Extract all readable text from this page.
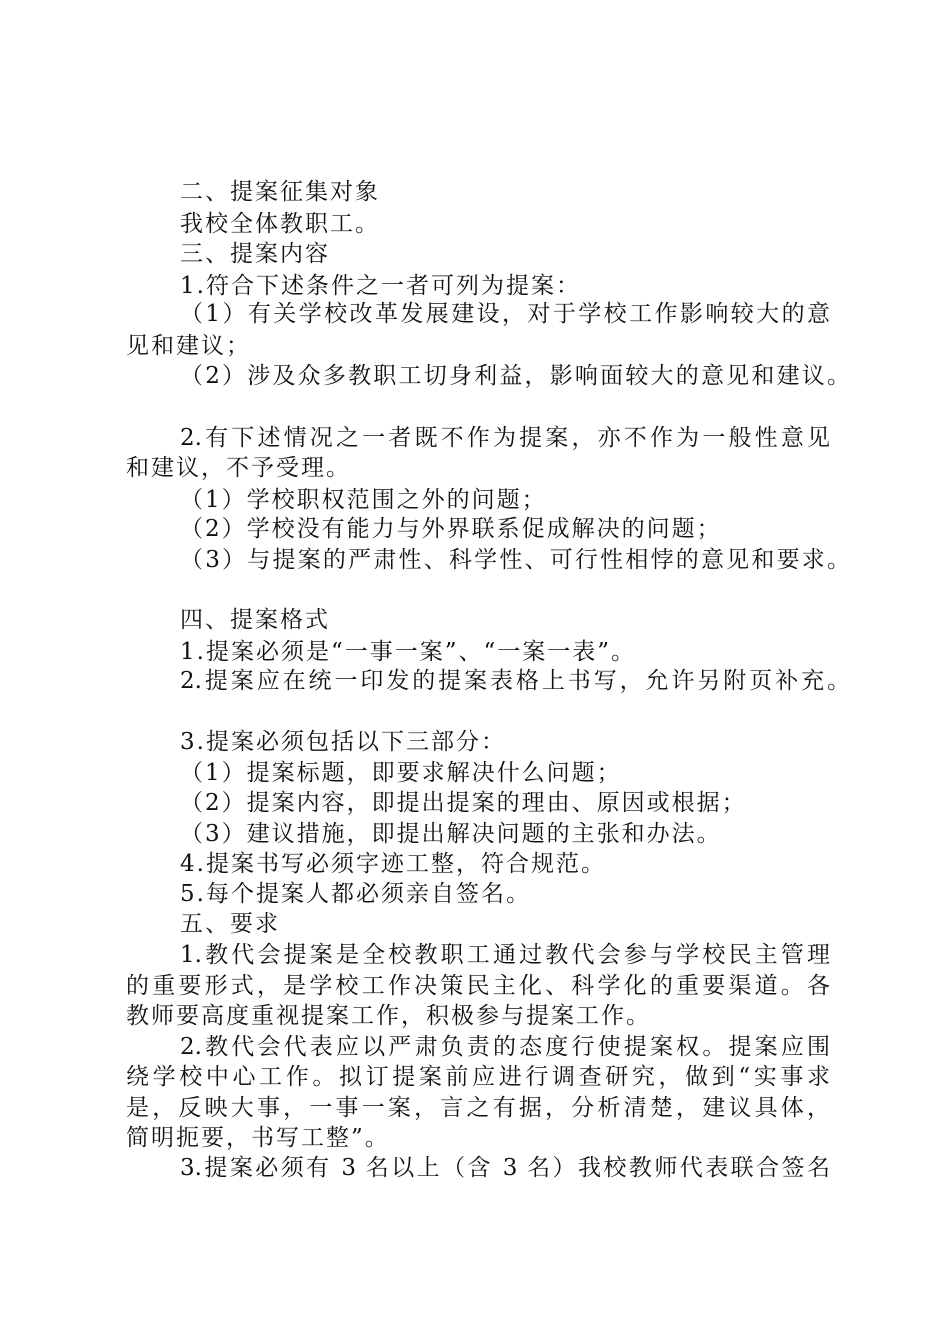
二、提案征集对象

我校全体教职工。

三、提案内容

1.符合下述条件之一者可列为提案：

（1）有关学校改革发展建设，对于学校工作影响较大的意

见和建议；

（2）涉及众多教职工切身利益，影响面较大的意见和建议。

2.有下述情况之一者既不作为提案，亦不作为一般性意见

和建议，不予受理。

（1）学校职权范围之外的问题；

（2）学校没有能力与外界联系促成解决的问题；

（3）与提案的严肃性、科学性、可行性相悖的意见和要求。

四、提案格式

1.提案必须是“一事一案”、“一案一表”。

2.提案应在统一印发的提案表格上书写，允许另附页补充。

3.提案必须包括以下三部分：

（1）提案标题，即要求解决什么问题；

（2）提案内容，即提出提案的理由、原因或根据；

（3）建议措施，即提出解决问题的主张和办法。

4.提案书写必须字迹工整，符合规范。

5.每个提案人都必须亲自签名。

五、要求

1.教代会提案是全校教职工通过教代会参与学校民主管理

的重要形式，是学校工作决策民主化、科学化的重要渠道。各

教师要高度重视提案工作，积极参与提案工作。

2.教代会代表应以严肃负责的态度行使提案权。提案应围

绕学校中心工作。拟订提案前应进行调查研究，做到“实事求

是，反映大事，一事一案，言之有据，分析清楚，建议具体，

简明扼要，书写工整”。

3.提案必须有 3 名以上（含 3 名）我校教师代表联合签名
